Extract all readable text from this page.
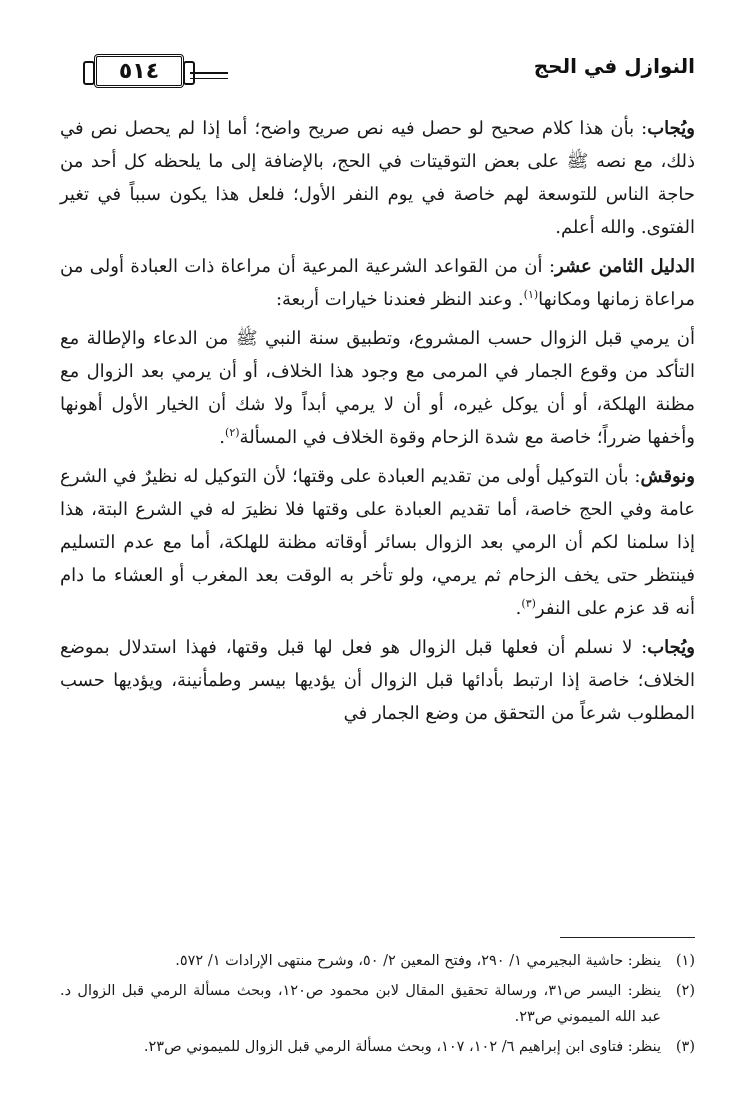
النوازل في الحج
٥١٤

ويُجاب: بأن هذا كلام صحيح لو حصل فيه نص صريح واضح؛ أما إذا لم يحصل نص في ذلك، مع نصه ﷺ على بعض التوقيتات في الحج، بالإضافة إلى ما يلحظه كل أحد من حاجة الناس للتوسعة لهم خاصة في يوم النفر الأول؛ فلعل هذا يكون سبباً في تغير الفتوى. والله أعلم.

الدليل الثامن عشر: أن من القواعد الشرعية المرعية أن مراعاة ذات العبادة أولى من مراعاة زمانها ومكانها$^{(١)}$. وعند النظر فعندنا خيارات أربعة:

أن يرمي قبل الزوال حسب المشروع، وتطبيق سنة النبي ﷺ من الدعاء والإطالة مع التأكد من وقوع الجمار في المرمى مع وجود هذا الخلاف، أو أن يرمي بعد الزوال مع مظنة الهلكة، أو أن يوكل غيره، أو أن لا يرمي أبداً ولا شك أن الخيار الأول أهونها وأخفها ضرراً؛ خاصة مع شدة الزحام وقوة الخلاف في المسألة$^{(٢)}$.

ونوقش: بأن التوكيل أولى من تقديم العبادة على وقتها؛ لأن التوكيل له نظيرٌ في الشرع عامة وفي الحج خاصة، أما تقديم العبادة على وقتها فلا نظيرَ له في الشرع البتة، هذا إذا سلمنا لكم أن الرمي بعد الزوال بسائر أوقاته مظنة للهلكة، أما مع عدم التسليم فينتظر حتى يخف الزحام ثم يرمي، ولو تأخر به الوقت بعد المغرب أو العشاء ما دام أنه قد عزم على النفر$^{(٣)}$.

ويُجاب: لا نسلم أن فعلها قبل الزوال هو فعل لها قبل وقتها، فهذا استدلال بموضع الخلاف؛ خاصة إذا ارتبط بأدائها قبل الزوال أن يؤديها بيسر وطمأنينة، ويؤديها حسب المطلوب شرعاً من التحقق من وضع الجمار في

(١)
ينظر: حاشية البجيرمي ١/ ٢٩٠، وفتح المعين ٢/ ٥٠، وشرح منتهى الإرادات ١/ ٥٧٢.
(٢)
ينظر: اليسر ص٣١، ورسالة تحقيق المقال لابن محمود ص١٢٠، وبحث مسألة الرمي قبل الزوال د. عبد الله الميموني ص٢٣.
(٣)
ينظر: فتاوى ابن إبراهيم ٦/ ١٠٢، ١٠٧، وبحث مسألة الرمي قبل الزوال للميموني ص٢٣.
